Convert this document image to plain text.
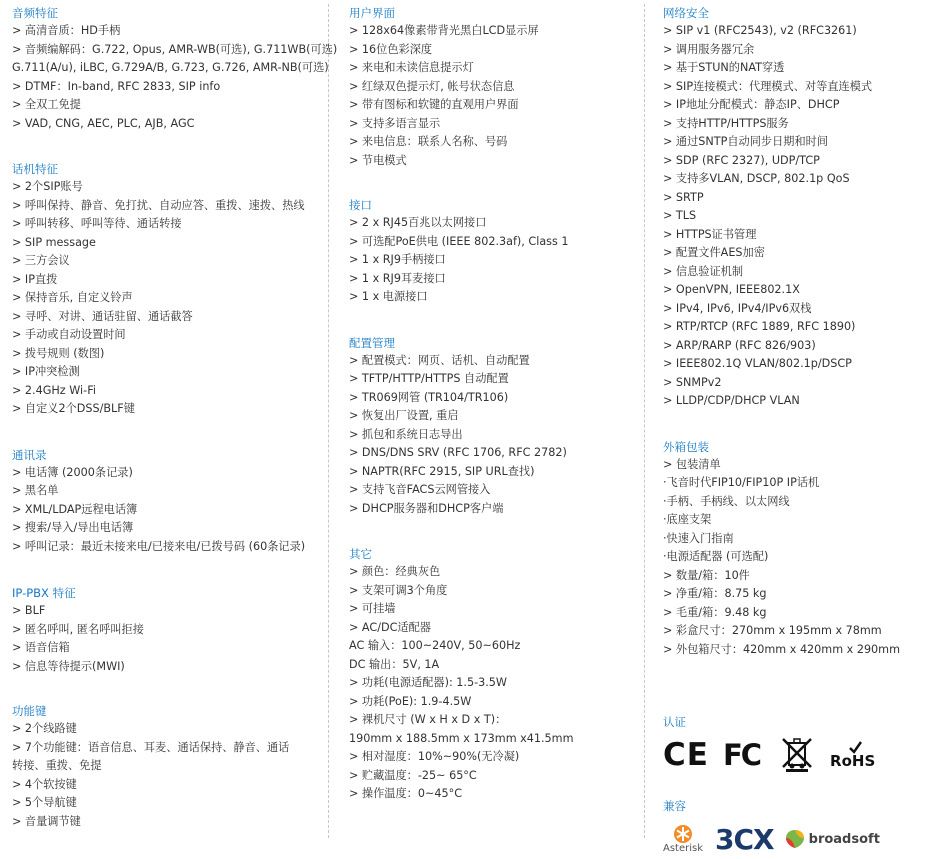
音频特征
> 高清音质：HD手柄
> 音频编解码：G.722, Opus, AMR-WB(可选), G.711WB(可选)
G.711(A/u), iLBC, G.729A/B, G.723, G.726, AMR-NB(可选)
> DTMF：In-band, RFC 2833, SIP info
> 全双工免提
> VAD, CNG, AEC, PLC, AJB, AGC
话机特征
> 2个SIP账号
> 呼叫保持、静音、免打扰、自动应答、重拨、速拨、热线
> 呼叫转移、呼叫等待、通话转接
> SIP message
> 三方会议
> IP直拨
> 保持音乐, 自定义铃声
> 寻呼、对讲、通话驻留、通话截答
> 手动或自动设置时间
> 拨号规则 (数图)
> IP冲突检测
> 2.4GHz Wi-Fi
> 自定义2个DSS/BLF键
通讯录
> 电话簿 (2000条记录)
> 黑名单
> XML/LDAP远程电话簿
> 搜索/导入/导出电话簿
> 呼叫记录：最近未接来电/已接来电/已拨号码 (60条记录)
IP-PBX 特征
> BLF
> 匿名呼叫, 匿名呼叫拒接
> 语音信箱
> 信息等待提示(MWI)
功能键
> 2个线路键
> 7个功能键：语音信息、耳麦、通话保持、静音、通话
转接、重拨、免提
> 4个软按键
> 5个导航键
> 音量调节键
用户界面
> 128x64像素带背光黑白LCD显示屏
> 16位色彩深度
> 来电和未读信息提示灯
> 红绿双色提示灯, 帐号状态信息
> 带有图标和软键的直观用户界面
> 支持多语言显示
> 来电信息：联系人名称、号码
> 节电模式
接口
> 2 x RJ45百兆以太网接口
> 可选配PoE供电 (IEEE 802.3af), Class 1
> 1 x RJ9手柄接口
> 1 x RJ9耳麦接口
> 1 x 电源接口
配置管理
> 配置模式：网页、话机、自动配置
> TFTP/HTTP/HTTPS 自动配置
> TR069网管 (TR104/TR106)
> 恢复出厂设置, 重启
> 抓包和系统日志导出
> DNS/DNS SRV (RFC 1706, RFC 2782)
> NAPTR(RFC 2915, SIP URL查找)
> 支持飞音FACS云网管接入
> DHCP服务器和DHCP客户端
其它
> 颜色：经典灰色
> 支架可调3个角度
> 可挂墙
> AC/DC适配器
AC 输入：100~240V, 50~60Hz
DC 输出：5V, 1A
> 功耗(电源适配器): 1.5-3.5W
> 功耗(PoE): 1.9-4.5W
> 裸机尺寸 (W x H x D x T)：
190mm x 188.5mm x 173mm x41.5mm
> 相对湿度：10%~90%(无冷凝)
> 贮藏温度：-25~ 65°C
> 操作温度：0~45°C
网络安全
> SIP v1 (RFC2543), v2 (RFC3261)
> 调用服务器冗余
> 基于STUN的NAT穿透
> SIP连接模式：代理模式、对等直连模式
> IP地址分配模式：静态IP、DHCP
> 支持HTTP/HTTPS服务
> 通过SNTP自动同步日期和时间
> SDP (RFC 2327), UDP/TCP
> 支持多VLAN, DSCP, 802.1p QoS
> SRTP
> TLS
> HTTPS证书管理
> 配置文件AES加密
> 信息验证机制
> OpenVPN, IEEE802.1X
> IPv4, IPv6, IPv4/IPv6双栈
> RTP/RTCP (RFC 1889, RFC 1890)
> ARP/RARP (RFC 826/903)
> IEEE802.1Q VLAN/802.1p/DSCP
> SNMPv2
> LLDP/CDP/DHCP VLAN
外箱包装
> 包装清单
·飞音时代FIP10/FIP10P IP话机
·手柄、手柄线、以太网线
·底座支架
·快速入门指南
·电源适配器 (可选配)
> 数量/箱：10件
> 净重/箱：8.75 kg
> 毛重/箱：9.48 kg
> 彩盒尺寸：270mm x 195mm x 78mm
> 外包箱尺寸：420mm x 420mm x 290mm
认证
CE FC	RoHS
兼容
Asterisk 3CX	broadsoft
